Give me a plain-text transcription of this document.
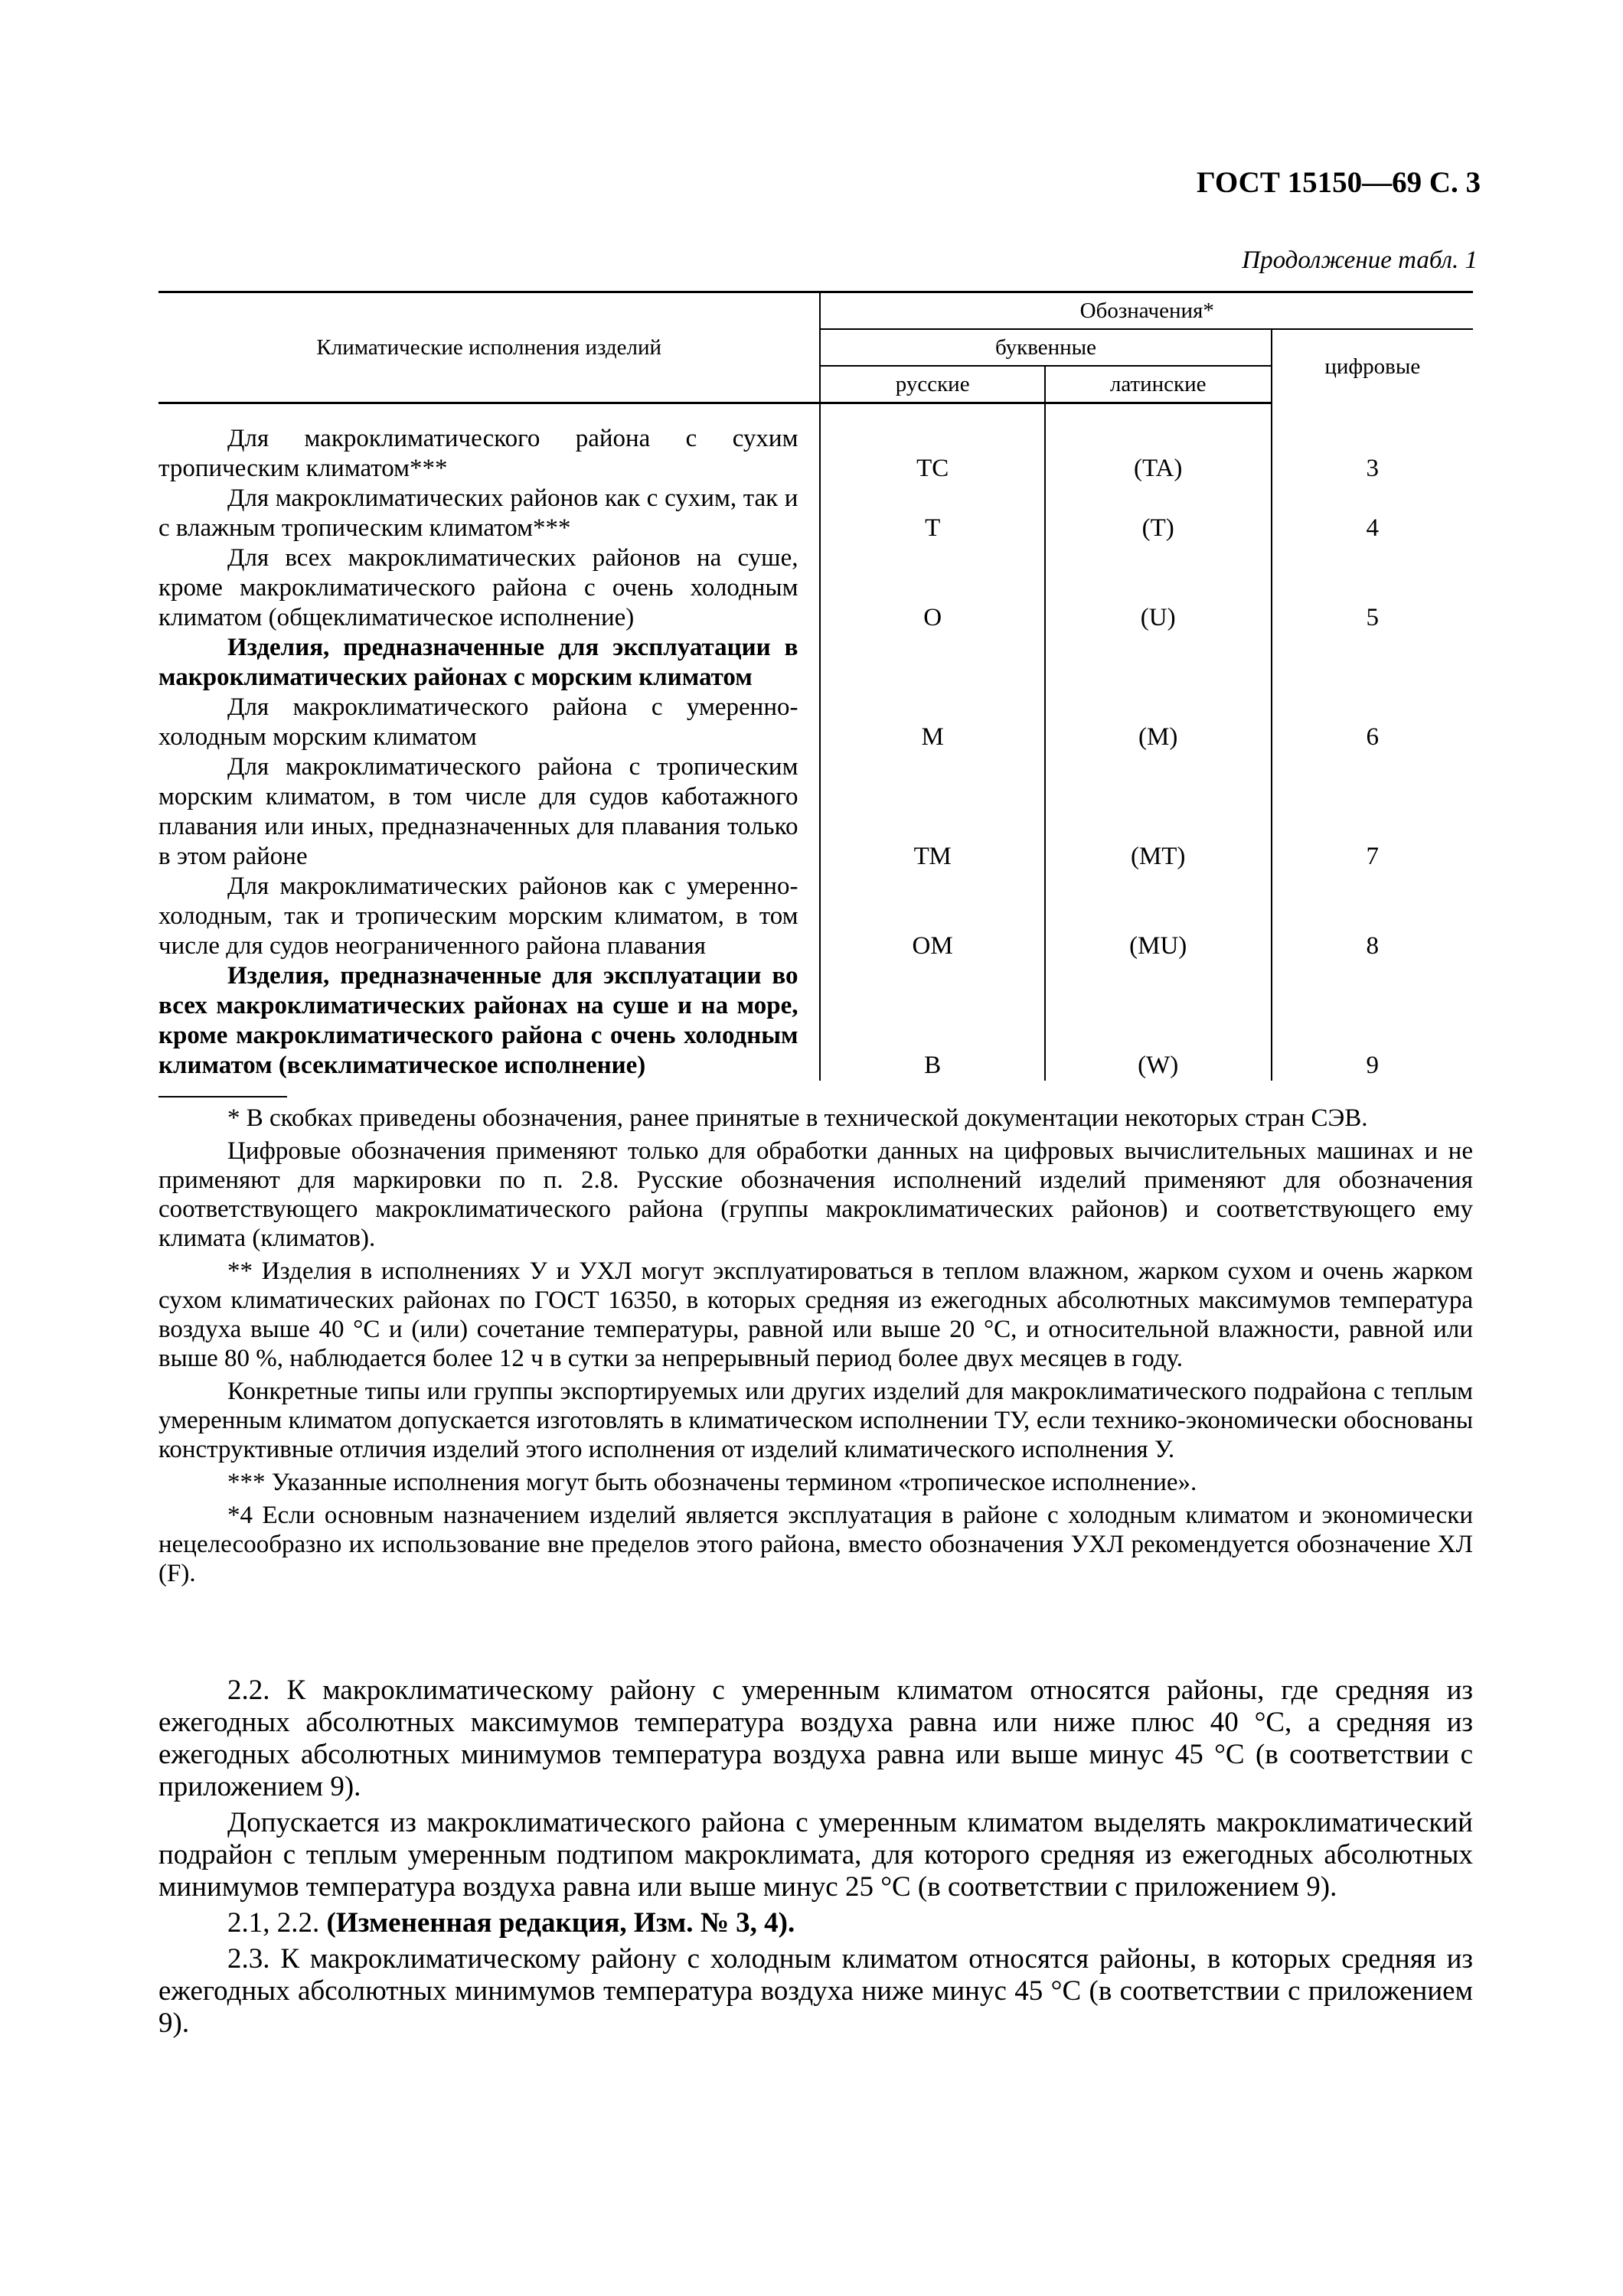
ГОСТ 15150—69 С. 3
Продолжение табл. 1
Климатические исполнения изделий	Обозначения*		
	буквенные		цифровые
	русские	латинские	

Для макроклиматического района с сухим тропическим климатом***	ТС	(TA)	3

Для макроклиматических районов как с сухим, так и с влажным тропическим климатом***	Т	(T)	4

Для всех макроклиматических районов на суше, кроме макроклиматического района с очень холодным климатом (общеклиматическое исполнение)	О	(U)	5

Изделия, предназначенные для эксплуатации в макроклиматических районах с морским климатом			

Для макроклиматического района с умеренно-холодным морским климатом	М	(M)	6

Для макроклиматического района с тропическим морским климатом, в том числе для судов каботажного плавания или иных, предназначенных для плавания только в этом районе	ТМ	(MT)	7

Для макроклиматических районов как с умеренно-холодным, так и тропическим морским климатом, в том числе для судов неограниченного района плавания	ОМ	(MU)	8

Изделия, предназначенные для эксплуатации во всех макроклиматических районах на суше и на море, кроме макроклиматического района с очень холодным климатом (всеклиматическое исполнение)	В	(W)	9

* В скобках приведены обозначения, ранее принятые в технической документации некоторых стран СЭВ.

Цифровые обозначения применяют только для обработки данных на цифровых вычислительных машинах и не применяют для маркировки по п. 2.8. Русские обозначения исполнений изделий применяют для обозначения соответствующего макроклиматического района (группы макроклиматических районов) и соответствующего ему климата (климатов).

** Изделия в исполнениях У и УХЛ могут эксплуатироваться в теплом влажном, жарком сухом и очень жарком сухом климатических районах по ГОСТ 16350, в которых средняя из ежегодных абсолютных максимумов температура воздуха выше 40 °С и (или) сочетание температуры, равной или выше 20 °С, и относительной влажности, равной или выше 80 %, наблюдается более 12 ч в сутки за непрерывный период более двух месяцев в году.

Конкретные типы или группы экспортируемых или других изделий для макроклиматического подрайона с теплым умеренным климатом допускается изготовлять в климатическом исполнении ТУ, если технико-экономически обоснованы конструктивные отличия изделий этого исполнения от изделий климатического исполнения У.

*** Указанные исполнения могут быть обозначены термином «тропическое исполнение».

*4 Если основным назначением изделий является эксплуатация в районе с холодным климатом и экономически нецелесообразно их использование вне пределов этого района, вместо обозначения УХЛ рекомендуется обозначение ХЛ (F).

2.2. К макроклиматическому району с умеренным климатом относятся районы, где средняя из ежегодных абсолютных максимумов температура воздуха равна или ниже плюс 40 °С, а средняя из ежегодных абсолютных минимумов температура воздуха равна или выше минус 45 °С (в соответствии с приложением 9).

Допускается из макроклиматического района с умеренным климатом выделять макроклиматический подрайон с теплым умеренным подтипом макроклимата, для которого средняя из ежегодных абсолютных минимумов температура воздуха равна или выше минус 25 °С (в соответствии с приложением 9).

2.1, 2.2. (Измененная редакция, Изм. № 3, 4).

2.3. К макроклиматическому району с холодным климатом относятся районы, в которых средняя из ежегодных абсолютных минимумов температура воздуха ниже минус 45 °С (в соответствии с приложением 9).
